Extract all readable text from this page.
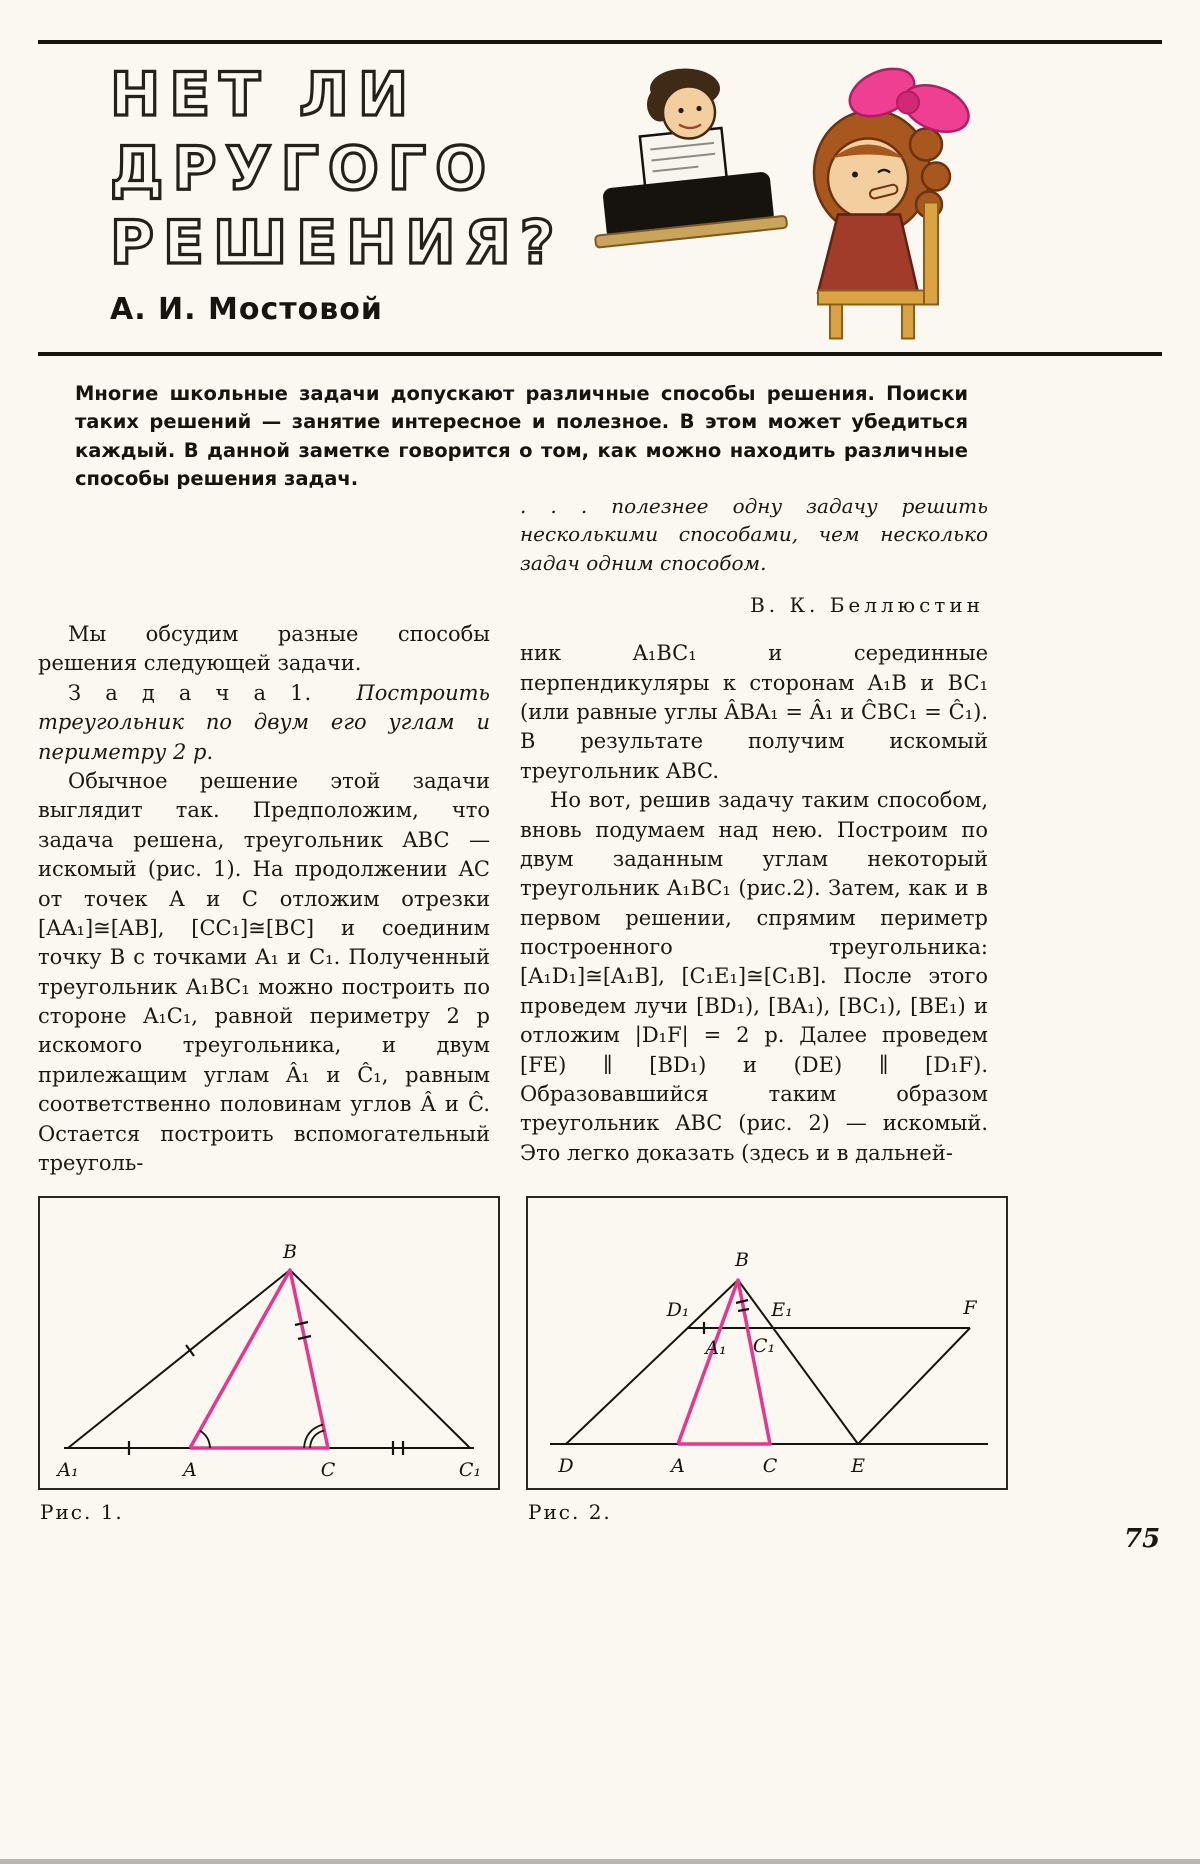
НЕТ ЛИ
ДРУГОГО
РЕШЕНИЯ?
А. И. Мостовой
Многие школьные задачи допускают различные способы решения. Поиски таких решений — занятие интересное и полезное. В этом может убедиться каждый. В данной заметке говорится о том, как можно находить различные способы решения задач.

Мы обсудим разные способы решения следующей задачи.

З а д а ч а 1. Построить треугольник по двум его углам и периметру 2 p.

Обычное решение этой задачи выглядит так. Предположим, что задача решена, треугольник ABC — искомый (рис. 1). На продолжении AC от точек A и C отложим отрезки [AA₁]≅[AB], [CC₁]≅[BC] и соединим точку B с точками A₁ и C₁. Полученный треугольник A₁BC₁ можно построить по стороне A₁C₁, равной периметру 2 p искомого треугольника, и двум прилежащим углам Â₁ и Ĉ₁, равным соответственно половинам углов Â и Ĉ. Остается построить вспомогательный треуголь-

. . . полезнее одну задачу решить несколькими способами, чем несколько задач одним способом.

В. К. Беллюстин

ник A₁BC₁ и серединные перпендикуляры к сторонам A₁B и BC₁ (или равные углы ÂBA₁ = Â₁ и ĈBC₁ = Ĉ₁). В результате получим искомый треугольник ABC.

Но вот, решив задачу таким способом, вновь подумаем над нею. Построим по двум заданным углам некоторый треугольник A₁BC₁ (рис.2). Затем, как и в первом решении, спрямим периметр построенного треугольника: [A₁D₁]≅[A₁B], [C₁E₁]≅[C₁B]. После этого проведем лучи [BD₁), [BA₁), [BC₁), [BE₁) и отложим |D₁F| = 2 p. Далее проведем [FE) ∥ [BD₁) и (DE) ∥ [D₁F). Образовавшийся таким образом треугольник ABC (рис. 2) — искомый. Это легко доказать (здесь и в дальней-

B
A₁	A	C	C₁
B
D₁	E₁	F
A₁ C₁
D	A	C	E
Рис. 1.	Рис. 2.
75
